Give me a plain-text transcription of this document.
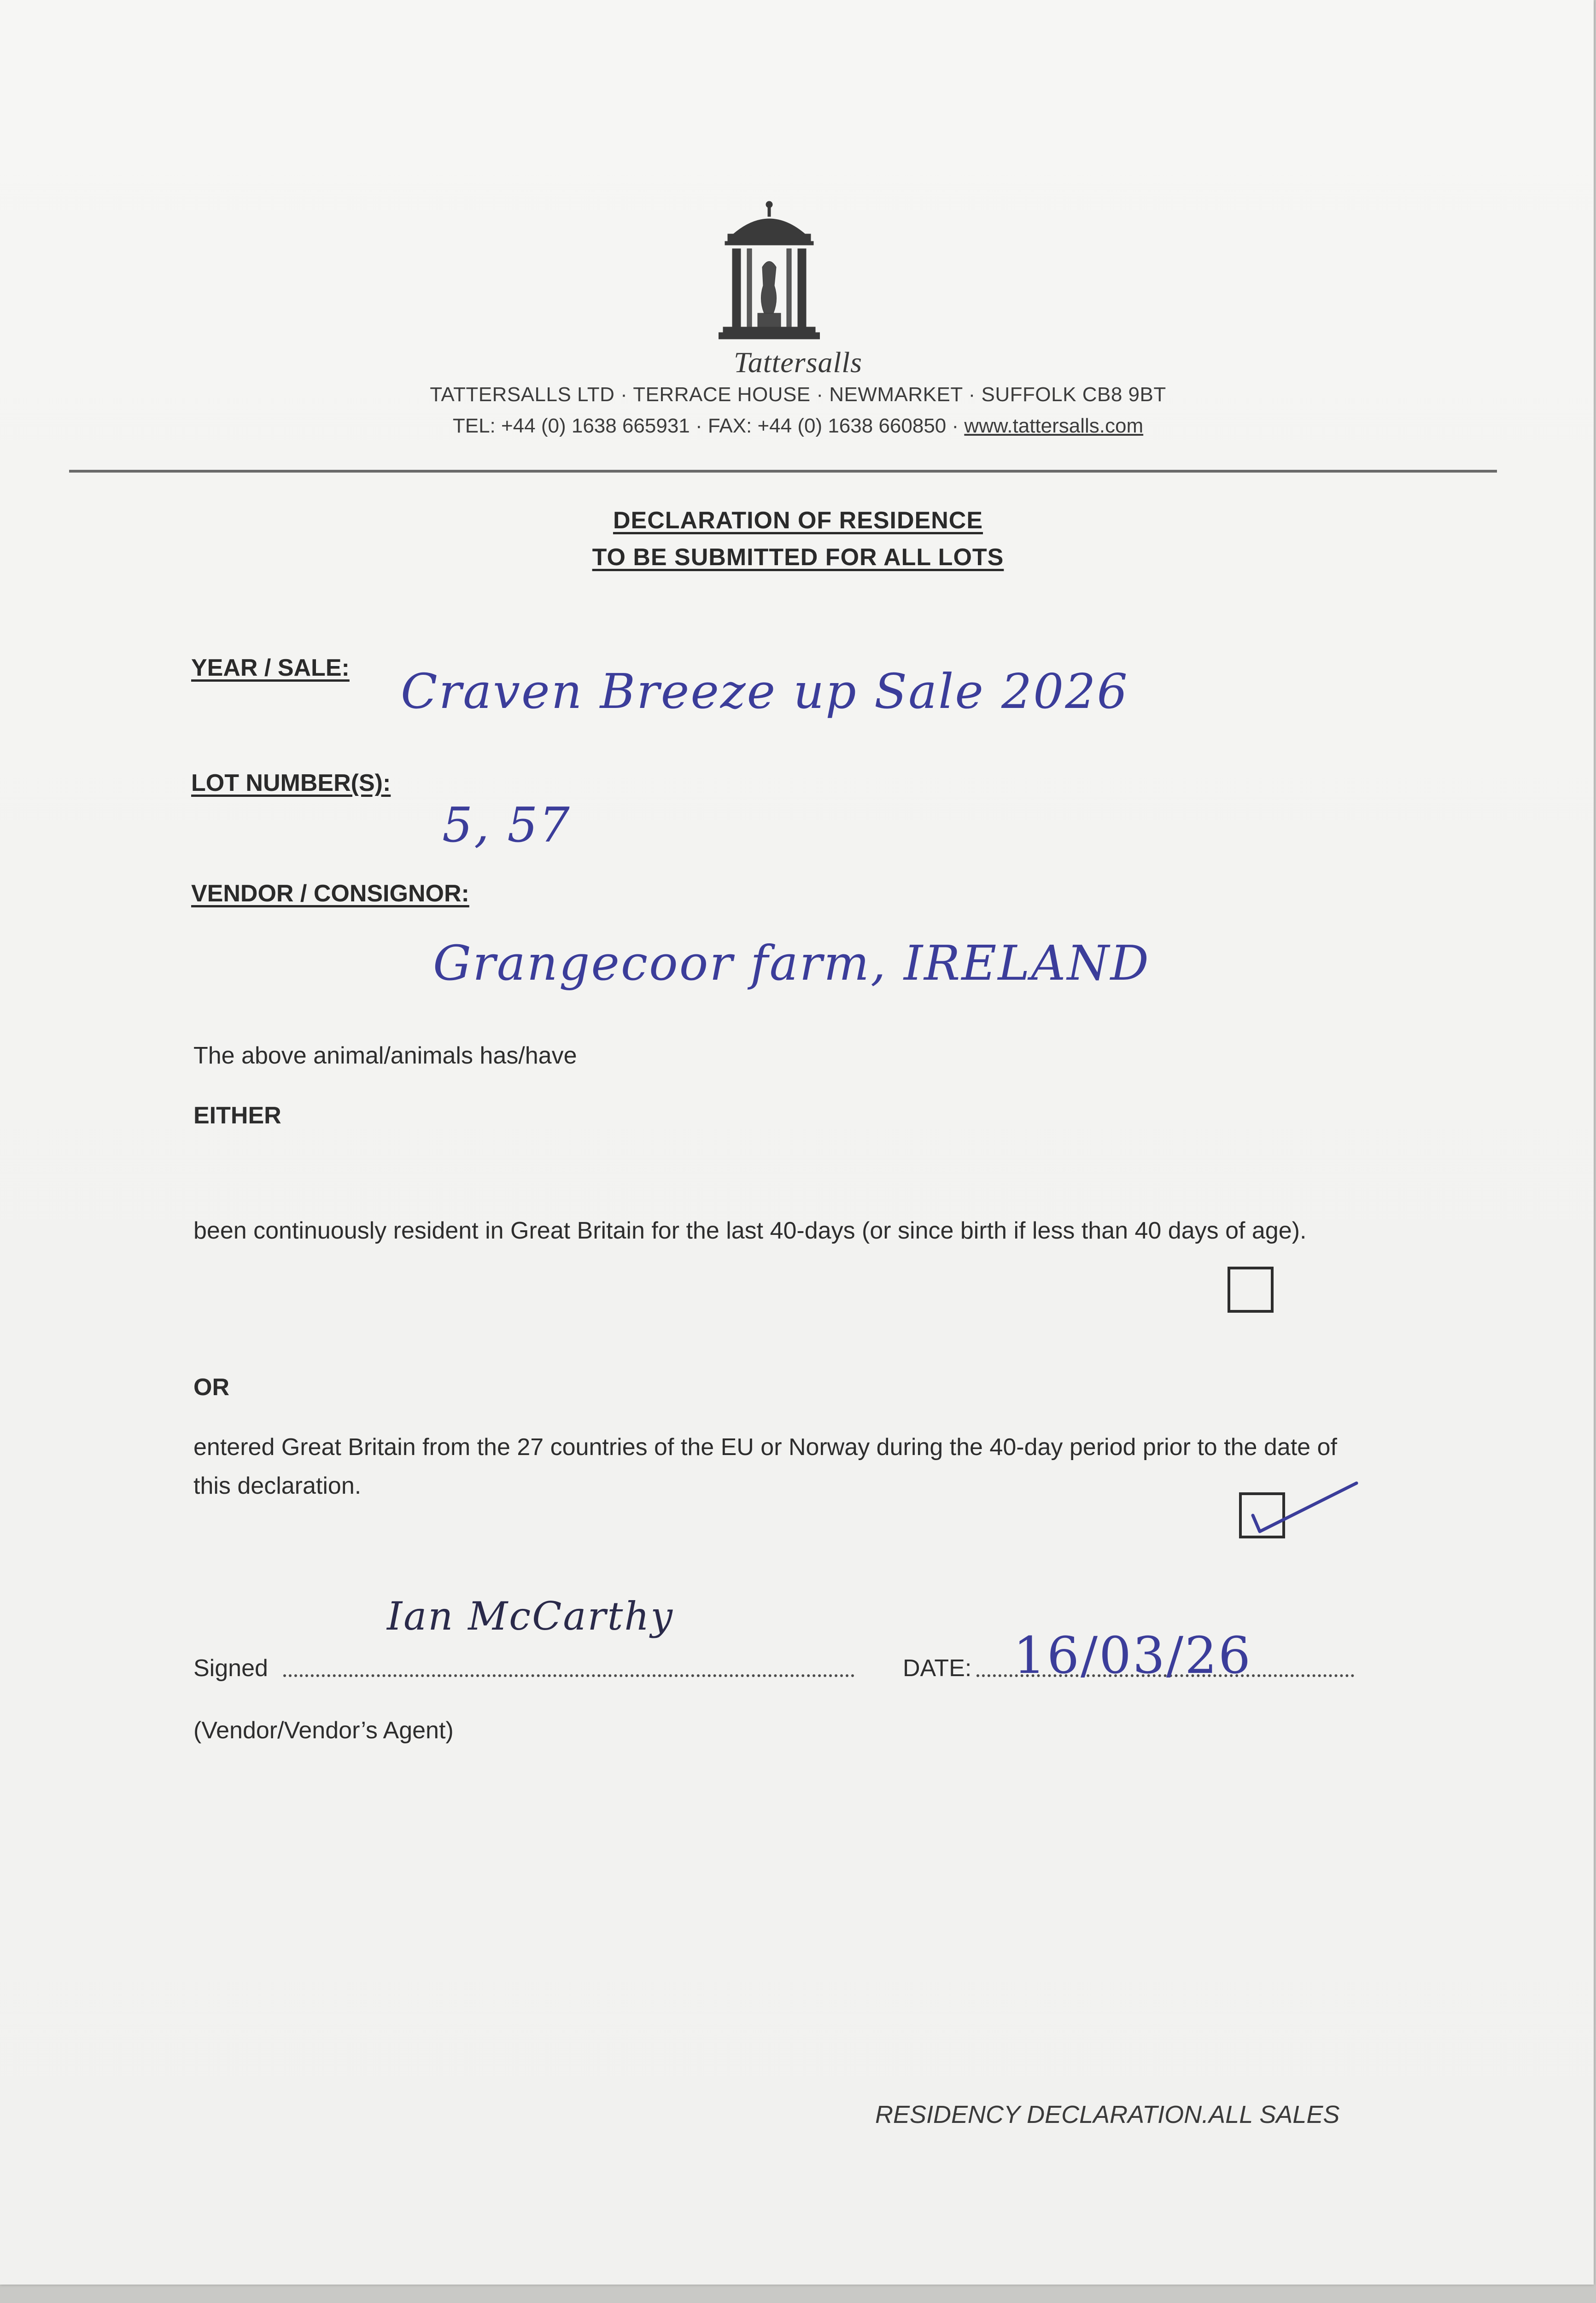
Tattersalls
TATTERSALLS LTD · TERRACE HOUSE · NEWMARKET · SUFFOLK CB8 9BT
TEL: +44 (0) 1638 665931 · FAX: +44 (0) 1638 660850 · www.tattersalls.com
DECLARATION OF RESIDENCE
TO BE SUBMITTED FOR ALL LOTS
YEAR / SALE: Craven Breeze up Sale 2026
LOT NUMBER(S):
5, 57
VENDOR / CONSIGNOR:
Grangecoor farm, IRELAND
The above animal/animals has/have
EITHER
been continuously resident in Great Britain for the last 40-days (or since birth if less than 40 days of age).
OR
entered Great Britain from the 27 countries of the EU or Norway during the 40-day period prior to the date of this declaration.
Ian McCarthy
Signed	DATE: 16/03/26
(Vendor/Vendor’s Agent)
RESIDENCY DECLARATION.ALL SALES
